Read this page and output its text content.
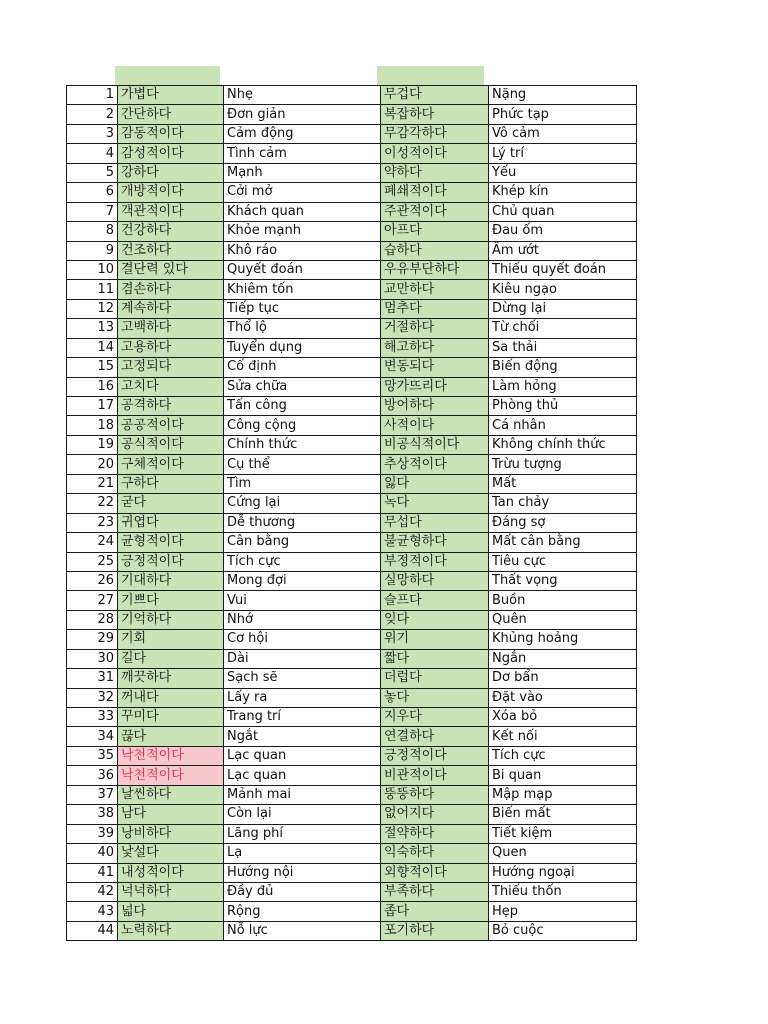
1	가볍다	Nhẹ	무겁다	Nặng
2	간단하다	Đơn giản	복잡하다	Phức tạp
3	감동적이다	Cảm động	무감각하다	Vô cảm
4	감성적이다	Tình cảm	이성적이다	Lý trí
5	강하다	Mạnh	약하다	Yếu
6	개방적이다	Cởi mở	폐쇄적이다	Khép kín
7	객관적이다	Khách quan	주관적이다	Chủ quan
8	건강하다	Khỏe mạnh	아프다	Đau ốm
9	건조하다	Khô ráo	습하다	Ẩm ướt
10	결단력 있다	Quyết đoán	우유부단하다	Thiếu quyết đoán
11	겸손하다	Khiêm tốn	교만하다	Kiêu ngạo
12	계속하다	Tiếp tục	멈추다	Dừng lại
13	고백하다	Thổ lộ	거절하다	Từ chối
14	고용하다	Tuyển dụng	해고하다	Sa thải
15	고정되다	Cố định	변동되다	Biến động
16	고치다	Sửa chữa	망가뜨리다	Làm hỏng
17	공격하다	Tấn công	방어하다	Phòng thủ
18	공공적이다	Công cộng	사적이다	Cá nhân
19	공식적이다	Chính thức	비공식적이다	Không chính thức
20	구체적이다	Cụ thể	추상적이다	Trừu tượng
21	구하다	Tìm	잃다	Mất
22	굳다	Cứng lại	녹다	Tan chảy
23	귀엽다	Dễ thương	무섭다	Đáng sợ
24	균형적이다	Cân bằng	불균형하다	Mất cân bằng
25	긍정적이다	Tích cực	부정적이다	Tiêu cực
26	기대하다	Mong đợi	실망하다	Thất vọng
27	기쁘다	Vui	슬프다	Buồn
28	기억하다	Nhớ	잊다	Quên
29	기회	Cơ hội	위기	Khủng hoảng
30	길다	Dài	짧다	Ngắn
31	깨끗하다	Sạch sẽ	더럽다	Dơ bẩn
32	꺼내다	Lấy ra	놓다	Đặt vào
33	꾸미다	Trang trí	지우다	Xóa bỏ
34	끊다	Ngắt	연결하다	Kết nối
35	낙천적이다	Lạc quan	긍정적이다	Tích cực
36	낙천적이다	Lạc quan	비관적이다	Bi quan
37	날씬하다	Mảnh mai	뚱뚱하다	Mập mạp
38	남다	Còn lại	없어지다	Biến mất
39	낭비하다	Lãng phí	절약하다	Tiết kiệm
40	낯설다	Lạ	익숙하다	Quen
41	내성적이다	Hướng nội	외향적이다	Hướng ngoại
42	넉넉하다	Đầy đủ	부족하다	Thiếu thốn
43	넓다	Rộng	좁다	Hẹp
44	노력하다	Nỗ lực	포기하다	Bỏ cuộc
